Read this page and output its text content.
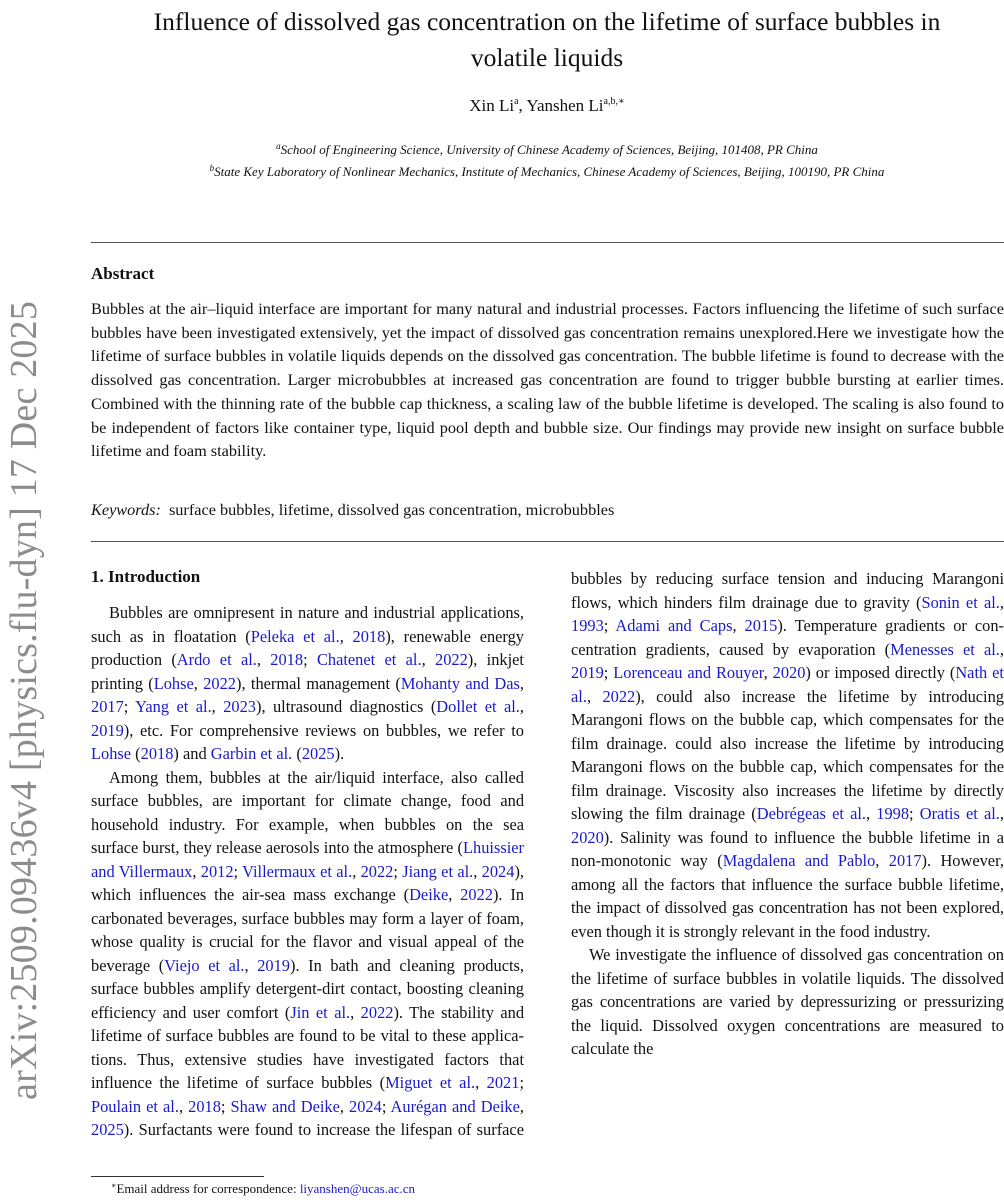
arXiv:2509.09436v4 [physics.flu-dyn] 17 Dec 2025
Influence of dissolved gas concentration on the lifetime of surface bubbles in
volatile liquids
Xin Li$^a$, Yanshen $Li^{a,b,∗}$
$^a$School of Engineering Science, University of Chinese Academy of Sciences, Beijing, 101408, PR China
$^b$State Key Laboratory of Nonlinear Mechanics, Institute of Mechanics, Chinese Academy of Sciences, Beijing, 100190, PR China
Abstract
Bubbles at the air–liquid interface are important for many natural and industrial processes. Factors influencing the lifetime of such surface bubbles have been investigated extensively, yet the impact of dissolved gas concentration remains unexplored.Here we investigate how the lifetime of surface bubbles in volatile liquids depends on the dissolved gas concentration. The bubble lifetime is found to decrease with the dissolved gas concentration. Larger microbubbles at increased gas concentration are found to trigger bubble bursting at earlier times. Combined with the thinning rate of the bubble cap thickness, a scaling law of the bubble lifetime is developed. The scaling is also found to be independent of factors like container type, liquid pool depth and bubble size. Our findings may provide new insight on surface bubble lifetime and foam stability.
Keywords: surface bubbles, lifetime, dissolved gas concentration, microbubbles
1. Introduction

Bubbles are omnipresent in nature and industrial applications, such as in floatation (Peleka et al., 2018), renewable energy production (Ardo et al., 2018; Chatenet et al., 2022), inkjet printing (Lohse, 2022), thermal management (Mohanty and Das, 2017; Yang et al., 2023), ultrasound diagnostics (Dollet et al., 2019), etc. For comprehensive reviews on bubbles, we refer to Lohse (2018) and Garbin et al. (2025).

Among them, bubbles at the air/liquid interface, also called surface bubbles, are important for climate change, food and household industry. For example, when bubbles on the sea surface burst, they release aerosols into the atmosphere (Lhuissier and Villermaux, 2012; Villermaux et al., 2022; Jiang et al., 2024), which influences the air-sea mass exchange (Deike, 2022). In carbonated beverages, surface bubbles may form a layer of foam, whose quality is crucial for the flavor and visual appeal of the beverage (Viejo et al., 2019). In bath and cleaning products, surface bubbles amplify detergent-dirt contact, boosting cleaning efficiency and user comfort (Jin et al., 2022). The stability and lifetime of surface bubbles are found to be vital to these applications. Thus, extensive studies have investigated factors that influence the lifetime of surface bubbles (Miguet et al., 2021; Poulain et al., 2018; Shaw and Deike, 2024; Aurégan and Deike, 2025). Surfactants were found to increase the lifespan of surface

bubbles by reducing surface tension and inducing Marangoni flows, which hinders film drainage due to gravity (Sonin et al., 1993; Adami and Caps, 2015). Temperature gradients or concentration gradients, caused by evaporation (Menesses et al., 2019; Lorenceau and Rouyer, 2020) or imposed directly (Nath et al., 2022), could also increase the lifetime by introducing Marangoni flows on the bubble cap, which compensates for the film drainage. could also increase the lifetime by introducing Marangoni flows on the bubble cap, which compensates for the film drainage. Viscosity also increases the lifetime by directly slowing the film drainage (Debrégeas et al., 1998; Oratis et al., 2020). Salinity was found to influence the bubble lifetime in a non-monotonic way (Magdalena and Pablo, 2017). However, among all the factors that influence the surface bubble lifetime, the impact of dissolved gas concentration has not been explored, even though it is strongly relevant in the food industry.

We investigate the influence of dissolved gas concentration on the lifetime of surface bubbles in volatile liquids. The dissolved gas concentrations are varied by depressurizing or pressurizing the liquid. Dissolved oxygen concentrations are measured to calculate the

∗Email address for correspondence: liyanshen@ucas.ac.cn
